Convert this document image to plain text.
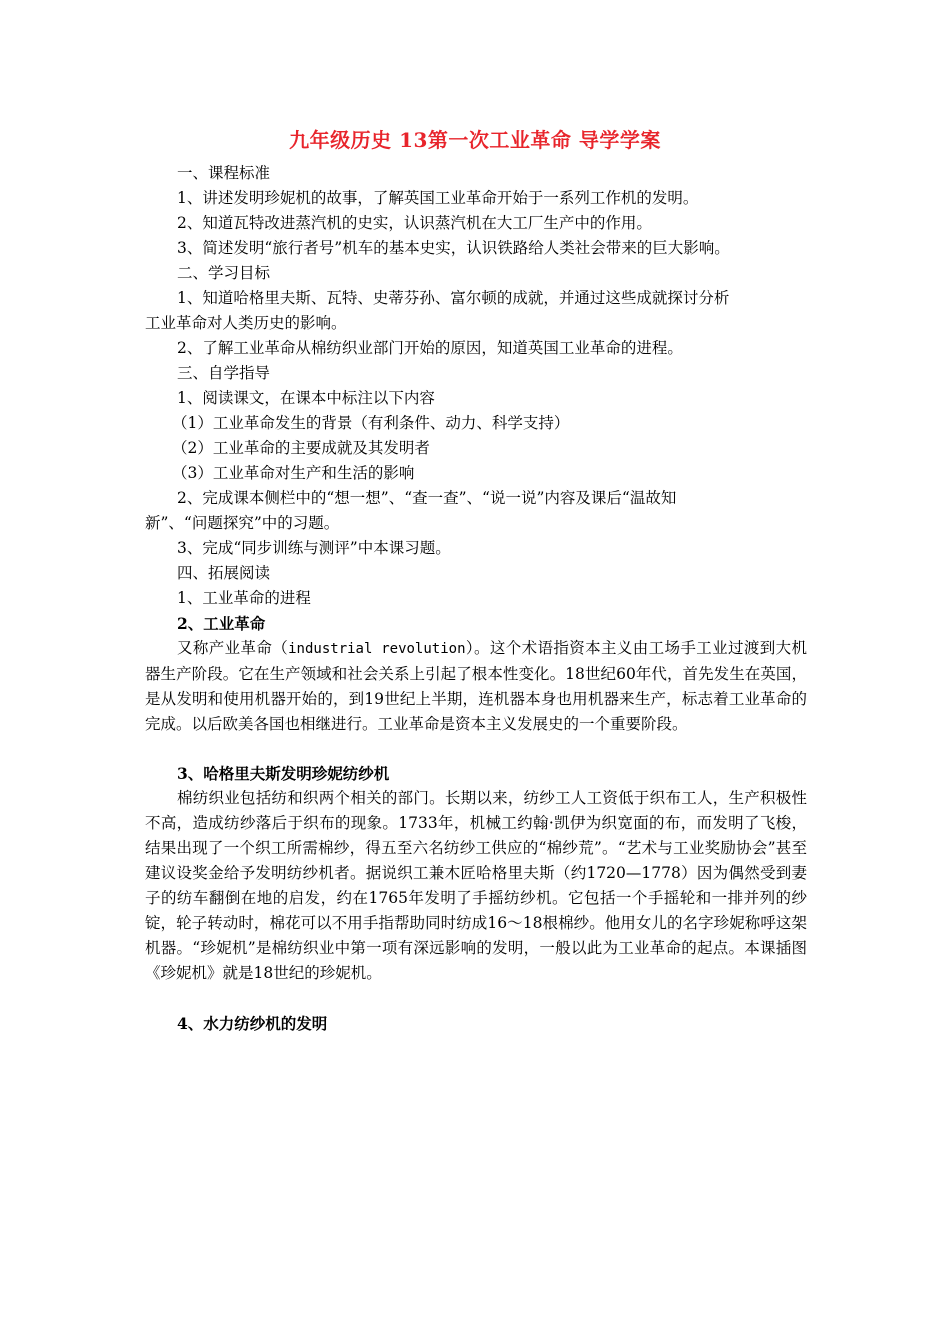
九年级历史 13第一次工业革命 导学学案
一、课程标准
1、讲述发明珍妮机的故事，了解英国工业革命开始于一系列工作机的发明。
2、知道瓦特改进蒸汽机的史实，认识蒸汽机在大工厂生产中的作用。
3、简述发明“旅行者号”机车的基本史实，认识铁路给人类社会带来的巨大影响。
二、学习目标
1、知道哈格里夫斯、瓦特、史蒂芬孙、富尔顿的成就，并通过这些成就探讨分析
工业革命对人类历史的影响。
2、了解工业革命从棉纺织业部门开始的原因，知道英国工业革命的进程。
三、自学指导
1、阅读课文，在课本中标注以下内容
（1）工业革命发生的背景（有利条件、动力、科学支持）
（2）工业革命的主要成就及其发明者
（3）工业革命对生产和生活的影响
2、完成课本侧栏中的“想一想”、“查一查”、“说一说”内容及课后“温故知
新”、“问题探究”中的习题。
3、完成“同步训练与测评”中本课习题。
四、拓展阅读
1、工业革命的进程
2、工业革命
又称产业革命（industrial revolution）。这个术语指资本主义由工场手工业过渡到大机器生产阶段。它在生产领域和社会关系上引起了根本性变化。18世纪60年代，首先发生在英国，是从发明和使用机器开始的，到19世纪上半期，连机器本身也用机器来生产，标志着工业革命的完成。以后欧美各国也相继进行。工业革命是资本主义发展史的一个重要阶段。
3、哈格里夫斯发明珍妮纺纱机
棉纺织业包括纺和织两个相关的部门。长期以来，纺纱工人工资低于织布工人，生产积极性不高，造成纺纱落后于织布的现象。1733年，机械工约翰·凯伊为织宽面的布，而发明了飞梭，结果出现了一个织工所需棉纱，得五至六名纺纱工供应的“棉纱荒”。“艺术与工业奖励协会”甚至建议设奖金给予发明纺纱机者。据说织工兼木匠哈格里夫斯（约1720—1778）因为偶然受到妻子的纺车翻倒在地的启发，约在1765年发明了手摇纺纱机。它包括一个手摇轮和一排并列的纱锭，轮子转动时，棉花可以不用手指帮助同时纺成16～18根棉纱。他用女儿的名字珍妮称呼这架机器。“珍妮机”是棉纺织业中第一项有深远影响的发明，一般以此为工业革命的起点。本课插图《珍妮机》就是18世纪的珍妮机。
4、水力纺纱机的发明
